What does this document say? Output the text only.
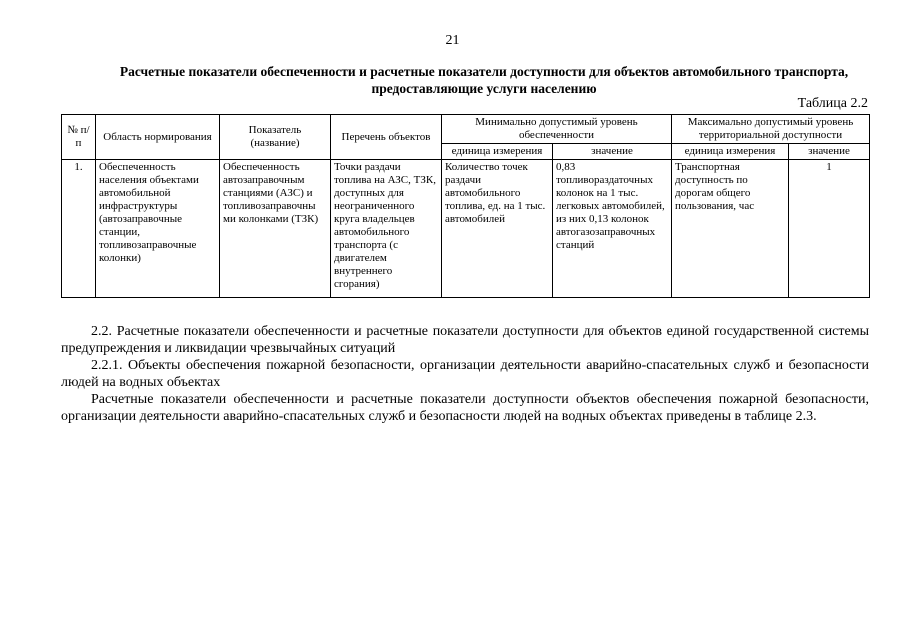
21
Расчетные показатели обеспеченности и расчетные показатели доступности для объектов автомобильного транспорта, предоставляющие услуги населению
Таблица 2.2
№ п/п	Область нормирования	Показатель (название)	Перечень объектов	Минимально допустимый уровень обеспеченности		Максимально допустимый уровень территориальной доступности	
				единица измерения	значение	единица измерения	значение
1.	Обеспеченность населения объектами автомобильной инфраструктуры (автозаправочные станции, топливозаправочные колонки)	Обеспеченность автозаправочным станциями (АЗС) и топливозаправочны ми колонками (ТЗК)	Точки раздачи топлива на АЗС, ТЗК, доступных для неограниченного круга владельцев автомобильного транспорта (с двигателем внутреннего сгорания)	Количество точек раздачи автомобильного топлива, ед. на 1 тыс. автомобилей	0,83 топливораздаточных колонок на 1 тыс. легковых автомобилей, из них 0,13 колонок автогазозаправочных станций	Транспортная доступность по дорогам общего пользования, час	1

2.2. Расчетные показатели обеспеченности и расчетные показатели доступности для объектов единой государственной системы предупреждения и ликвидации чрезвычайных ситуаций

2.2.1. Объекты обеспечения пожарной безопасности, организации деятельности аварийно-спасательных служб и безопасности людей на водных объектах

Расчетные показатели обеспеченности и расчетные показатели доступности объектов обеспечения пожарной безопасности, организации деятельности аварийно-спасательных служб и безопасности людей на водных объектах приведены в таблице 2.3.
